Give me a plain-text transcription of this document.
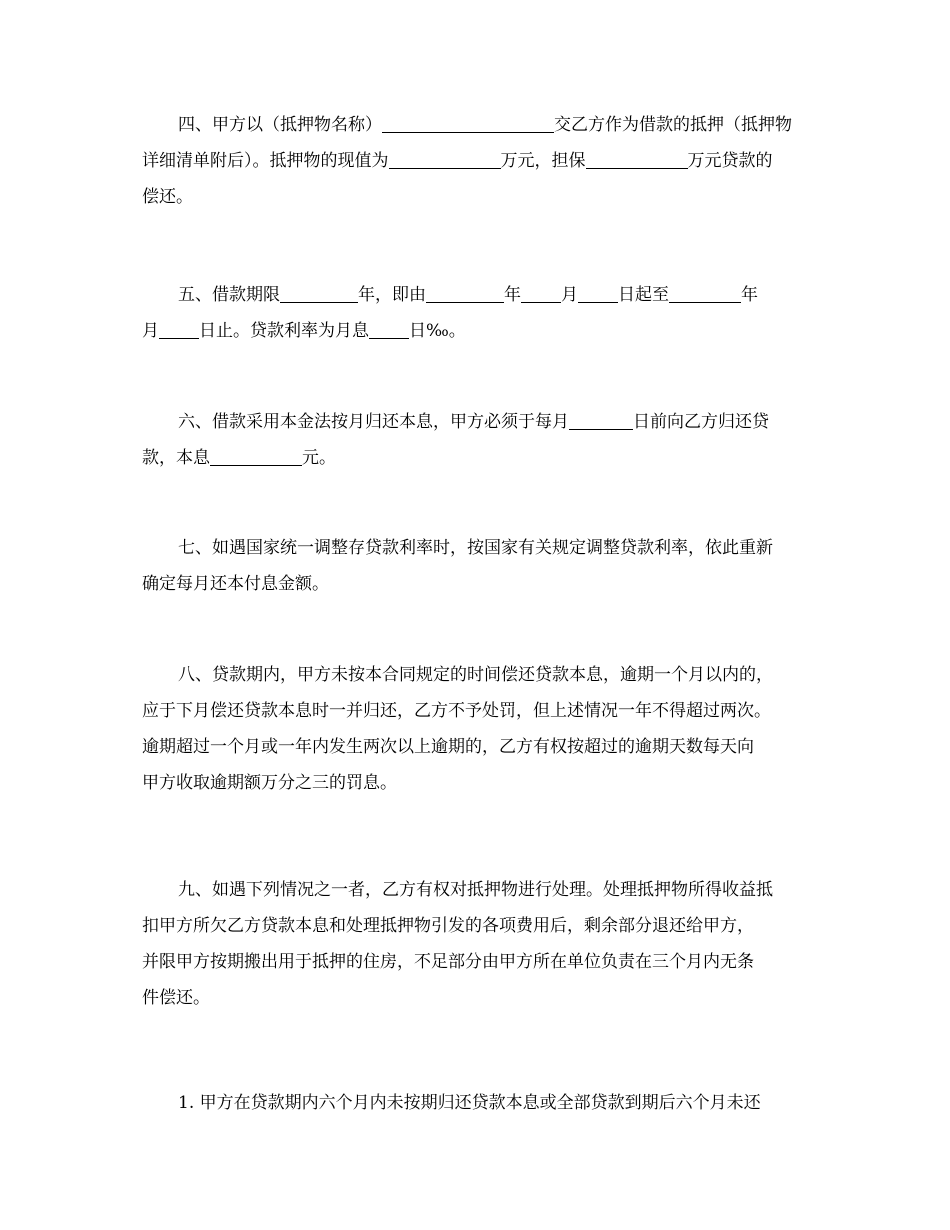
四、甲方以（抵押物名称）	交乙方作为借款的抵押（抵押物
详细清单附后）。抵押物的现值为	万元，担保	万元贷款的
偿还。
五、借款期限	年，即由	年 月 日起至	年
月 日止。贷款利率为月息 日‰。
六、借款采用本金法按月归还本息，甲方必须于每月	日前向乙方归还贷
款，本息	元。
七、如遇国家统一调整存贷款利率时，按国家有关规定调整贷款利率，依此重新
确定每月还本付息金额。
八、贷款期内，甲方未按本合同规定的时间偿还贷款本息，逾期一个月以内的，
应于下月偿还贷款本息时一并归还，乙方不予处罚，但上述情况一年不得超过两次。
逾期超过一个月或一年内发生两次以上逾期的，乙方有权按超过的逾期天数每天向
甲方收取逾期额万分之三的罚息。
九、如遇下列情况之一者，乙方有权对抵押物进行处理。处理抵押物所得收益抵
扣甲方所欠乙方贷款本息和处理抵押物引发的各项费用后，剩余部分退还给甲方，
并限甲方按期搬出用于抵押的住房，不足部分由甲方所在单位负责在三个月内无条
件偿还。
1. 甲方在贷款期内六个月内未按期归还贷款本息或全部贷款到期后六个月未还
